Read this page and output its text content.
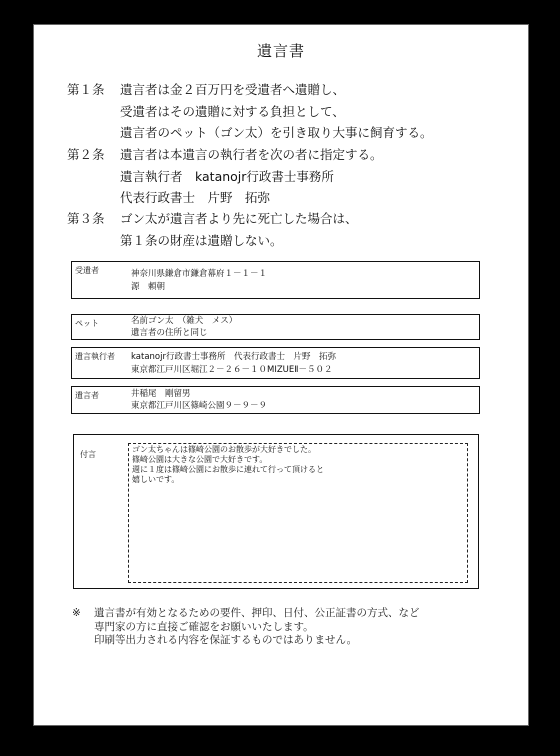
遺言書
第１条 遺言者は金２百万円を受遺者へ遺贈し、
受遺者はその遺贈に対する負担として、
遺言者のペット（ゴン太）を引き取り大事に飼育する。
第２条 遺言者は本遺言の執行者を次の者に指定する。
遺言執行者　katanojr行政書士事務所
代表行政書士　片野　拓弥
第３条 ゴン太が遺言者より先に死亡した場合は、
第１条の財産は遺贈しない。
受遺者	神奈川県鎌倉市鎌倉幕府１－１－１
源　頼朝
ペット	名前ゴン太　（雑犬　メス）
遺言者の住所と同じ
遺言執行者 katanojr行政書士事務所　代表行政書士　片野　拓弥
東京都江戸川区堀江２－２６－１０MIZUEⅡ－５０２
遺言者	井稲尾　剛留男
東京都江戸川区篠崎公園９－９－９
付言
ゴン太ちゃんは篠崎公園のお散歩が大好きでした。
篠崎公園は大きな公園で大好きです。
週に１度は篠崎公園にお散歩に連れて行って頂けると
嬉しいです。
※ 遺言書が有効となるための要件、押印、日付、公正証書の方式、など
専門家の方に直接ご確認をお願いいたします。
印刷等出力される内容を保証するものではありません。
